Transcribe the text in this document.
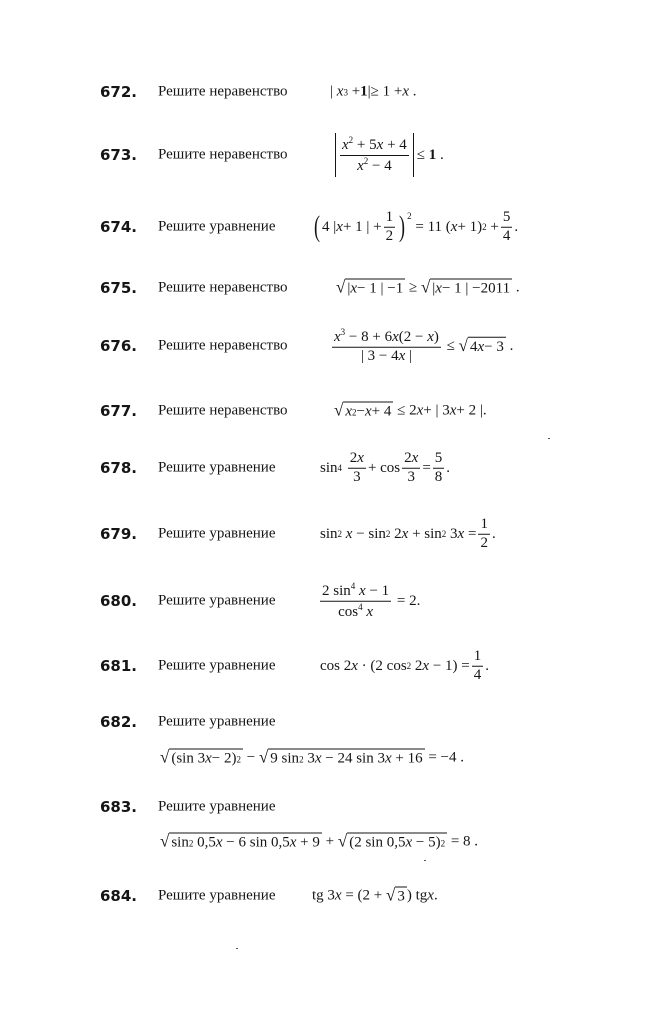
672. Решите неравенство	| x 3 + 1 |≥ 1 + x .
673. Решите неравенство	$\frac{x^2 + 5x + 4}{x^2 - 4} \le 1$ .
674. Решите уравнение ( 4 | x + 1 | + $\frac{1}{2} )^2$
= 11 ( x + 1) $2 + \frac{5}{4}$ .
675. Решите неравенство	√ | x − 1 | −1 ≥ √ | x − 1 | −2011 .
676. Решите неравенство	$\frac{x^3 - 8 + 6x(2 - x)}{| 3 - 4x |}$ ≤ √ 4 x − 3 .
677. Решите неравенство	√ x 2 − x + 4 ≤ 2 x + | 3 x + 2 |.
678. Решите уравнение	sin 4
$\frac{2x}{3} + \cos \frac{2x}{3} = \frac{5}{8}$ .
679. Решите уравнение	sin 2
x − sin 2 2 x + sin 2 3 $x = \frac{1}{2}$ .
680. Решите уравнение	$\frac{2 \sin^4 x - 1}{\cos^4 x} = 2$.
681. Решите уравнение	cos 2 x · (2 cos 2 2 $x - 1) = \frac{1}{4}$ .
682. Решите уравнение
√ (sin 3 x − 2) 2 − √ 9 sin 2 3 x − 24 sin 3 x + 16 = −4 .
683. Решите уравнение
√ sin 2 0,5 x − 6 sin 0,5 x + 9 + √ (2 sin 0,5 x − 5) 2 = 8 .
684. Решите уравнение tg 3 x = (2 + √ 3 ) tg x .
